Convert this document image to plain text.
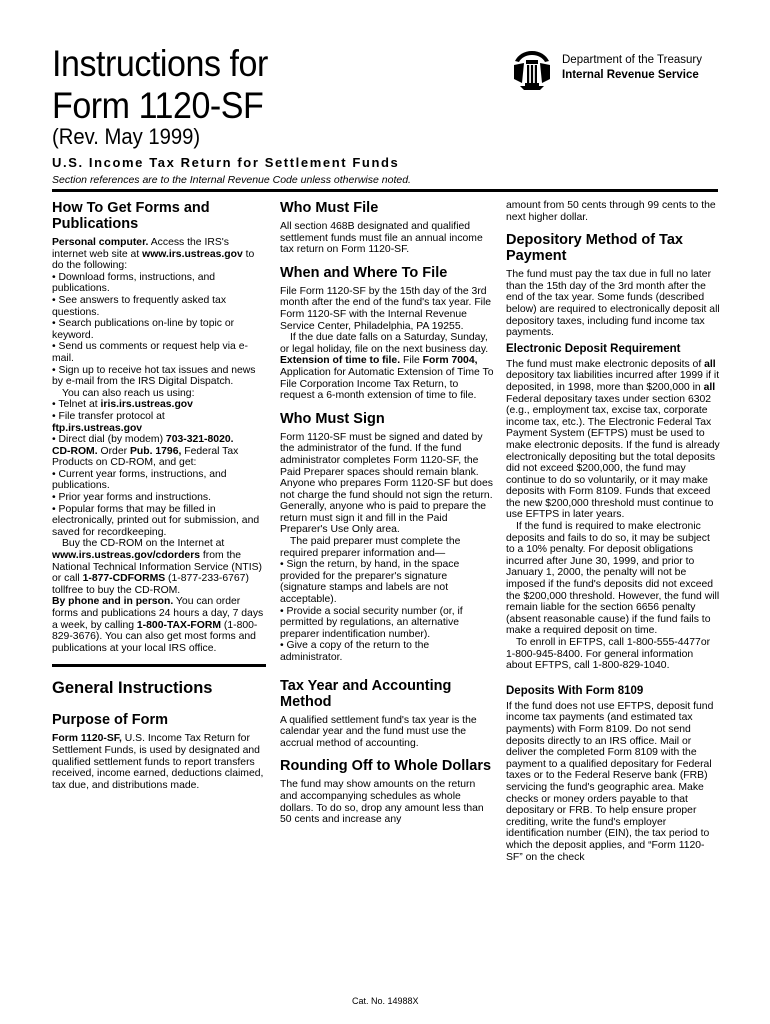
Instructions for
Form 1120-SF
(Rev. May 1999)
U.S. Income Tax Return for Settlement Funds
Section references are to the Internal Revenue Code unless otherwise noted.
Department of the Treasury
Internal Revenue Service
How To Get Forms and Publications

Personal computer. Access the IRS's internet web site at www.irs.ustreas.gov to do the following:

• Download forms, instructions, and publications.

• See answers to frequently asked tax questions.

• Search publications on-line by topic or keyword.

• Send us comments or request help via e-mail.

• Sign up to receive hot tax issues and news by e-mail from the IRS Digital Dispatch.

You can also reach us using:

• Telnet at iris.irs.ustreas.gov

• File transfer protocol at
ftp.irs.ustreas.gov

• Direct dial (by modem) 703-321-8020.

CD-ROM. Order Pub. 1796, Federal Tax Products on CD-ROM, and get:

• Current year forms, instructions, and publications.

• Prior year forms and instructions.

• Popular forms that may be filled in electronically, printed out for submission, and saved for recordkeeping.

Buy the CD-ROM on the Internet at www.irs.ustreas.gov/cdorders from the National Technical Information Service (NTIS) or call 1-877-CDFORMS (1-877-233-6767) tollfree to buy the CD-ROM.

By phone and in person. You can order forms and publications 24 hours a day, 7 days a week, by calling 1-800-TAX-FORM (1-800-829-3676). You can also get most forms and publications at your local IRS office.

General Instructions
Purpose of Form

Form 1120-SF, U.S. Income Tax Return for Settlement Funds, is used by designated and qualified settlement funds to report transfers received, income earned, deductions claimed, tax due, and distributions made.

Who Must File

All section 468B designated and qualified settlement funds must file an annual income tax return on Form 1120-SF.

When and Where To File

File Form 1120-SF by the 15th day of the 3rd month after the end of the fund's tax year. File Form 1120-SF with the Internal Revenue Service Center, Philadelphia, PA 19255.

If the due date falls on a Saturday, Sunday, or legal holiday, file on the next business day.

Extension of time to file. File Form 7004, Application for Automatic Extension of Time To File Corporation Income Tax Return, to request a 6-month extension of time to file.

Who Must Sign

Form 1120-SF must be signed and dated by the administrator of the fund. If the fund administrator completes Form 1120-SF, the Paid Preparer spaces should remain blank. Anyone who prepares Form 1120-SF but does not charge the fund should not sign the return. Generally, anyone who is paid to prepare the return must sign it and fill in the Paid Preparer's Use Only area.

The paid preparer must complete the required preparer information and—

• Sign the return, by hand, in the space provided for the preparer's signature (signature stamps and labels are not acceptable).

• Provide a social security number (or, if permitted by regulations, an alternative preparer indentification number).

• Give a copy of the return to the administrator.

Tax Year and Accounting Method

A qualified settlement fund's tax year is the calendar year and the fund must use the accrual method of accounting.

Rounding Off to Whole Dollars

The fund may show amounts on the return and accompanying schedules as whole dollars. To do so, drop any amount less than 50 cents and increase any

amount from 50 cents through 99 cents to the next higher dollar.

Depository Method of Tax Payment

The fund must pay the tax due in full no later than the 15th day of the 3rd month after the end of the tax year. Some funds (described below) are required to electronically deposit all depository taxes, including fund income tax payments.

Electronic Deposit Requirement

The fund must make electronic deposits of all depository tax liabilities incurred after 1999 if it deposited, in 1998, more than $200,000 in all Federal depositary taxes under section 6302 (e.g., employment tax, excise tax, corporate income tax, etc.). The Electronic Federal Tax Payment System (EFTPS) must be used to make electronic deposits. If the fund is already electronically depositing but the total deposits did not exceed $200,000, the fund may continue to do so voluntarily, or it may make deposits with Form 8109. Funds that exceed the new $200,000 threshold must continue to use EFTPS in later years.

If the fund is required to make electronic deposits and fails to do so, it may be subject to a 10% penalty. For deposit obligations incurred after June 30, 1999, and prior to January 1, 2000, the penalty will not be imposed if the fund's deposits did not exceed the $200,000 threshold. However, the fund will remain liable for the section 6656 penalty (absent reasonable cause) if the fund fails to make a required deposit on time.

To enroll in EFTPS, call 1-800-555-4477or 1-800-945-8400. For general information about EFTPS, call 1-800-829-1040.

Deposits With Form 8109

If the fund does not use EFTPS, deposit fund income tax payments (and estimated tax payments) with Form 8109. Do not send deposits directly to an IRS office. Mail or deliver the completed Form 8109 with the payment to a qualified depositary for Federal taxes or to the Federal Reserve bank (FRB) servicing the fund's geographic area. Make checks or money orders payable to that depositary or FRB. To help ensure proper crediting, write the fund's employer identification number (EIN), the tax period to which the deposit applies, and “Form 1120-SF” on the check

Cat. No. 14988X
